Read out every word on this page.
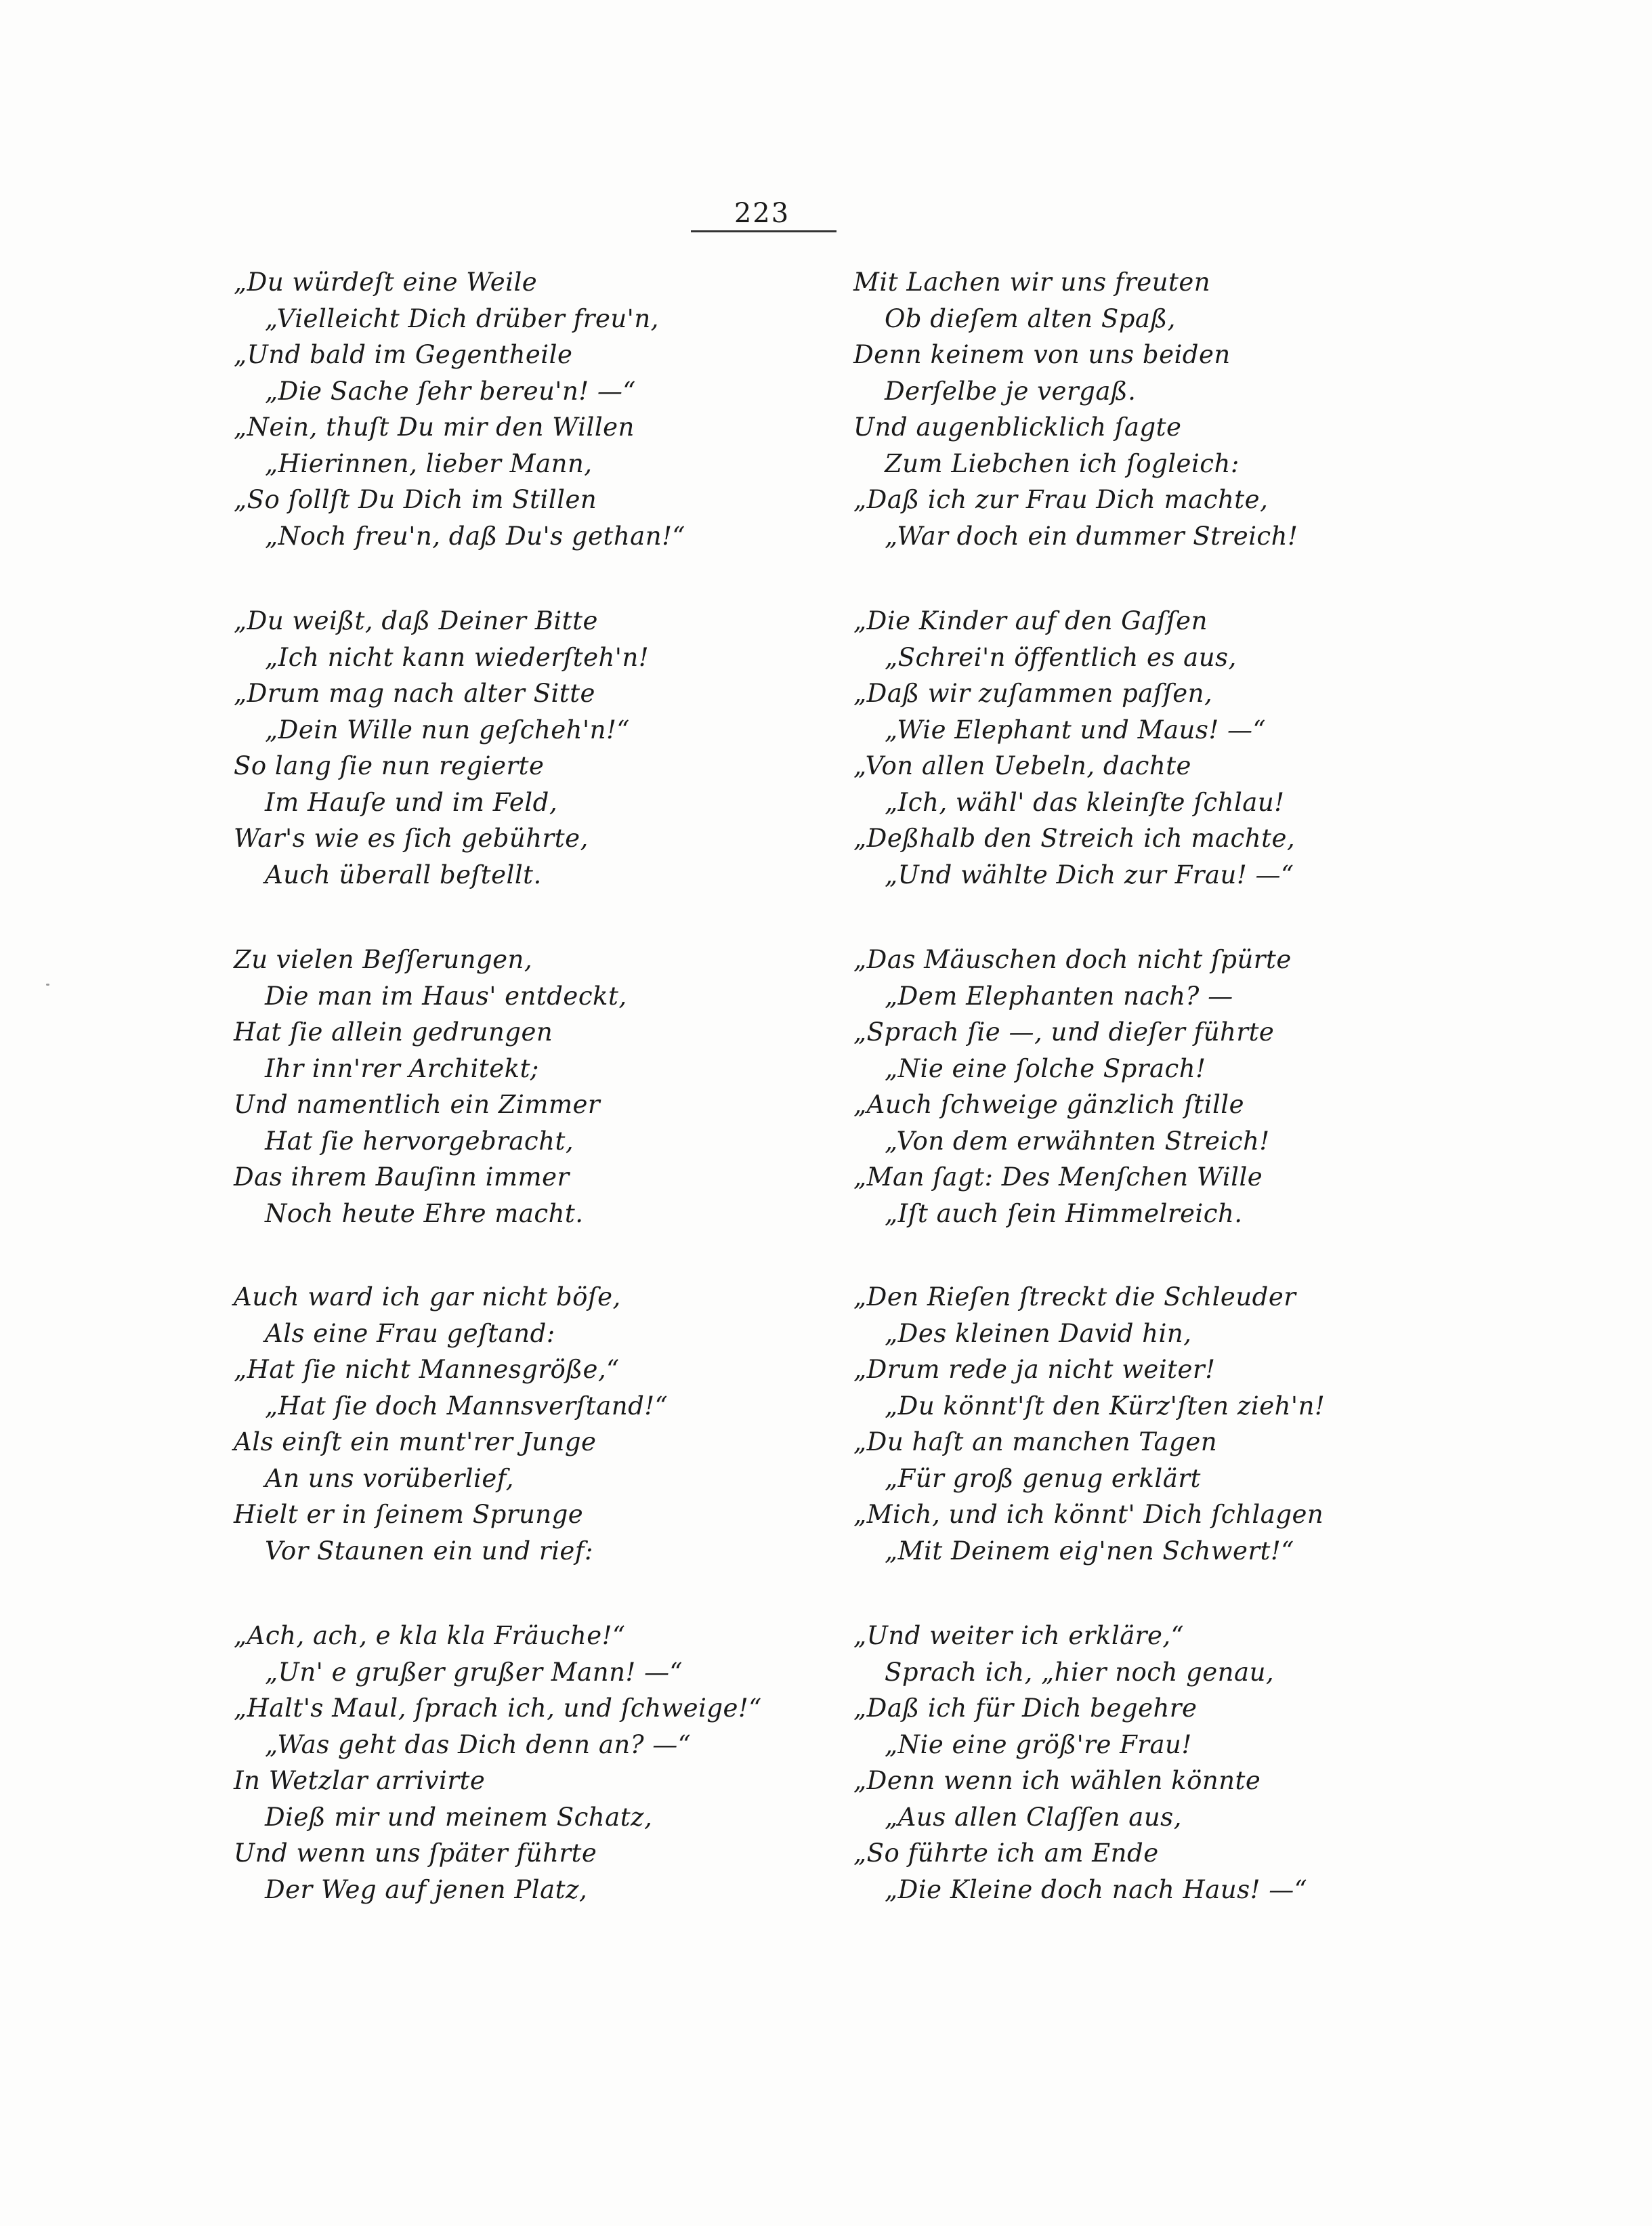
223
„Du würdeſt eine Weile
„Vielleicht Dich drüber freu'n,
„Und bald im Gegentheile
„Die Sache ſehr bereu'n! —“
„Nein, thuſt Du mir den Willen
„Hierinnen, lieber Mann,
„So ſollſt Du Dich im Stillen
„Noch freu'n, daß Du's gethan!“
„Du weißt, daß Deiner Bitte
„Ich nicht kann wiederſteh'n!
„Drum mag nach alter Sitte
„Dein Wille nun geſcheh'n!“
So lang ſie nun regierte
Im Hauſe und im Feld,
War's wie es ſich gebührte,
Auch überall beſtellt.
Zu vielen Beſſerungen,
Die man im Haus' entdeckt,
Hat ſie allein gedrungen
Ihr inn'rer Architekt;
Und namentlich ein Zimmer
Hat ſie hervorgebracht,
Das ihrem Bauſinn immer
Noch heute Ehre macht.
Auch ward ich gar nicht böſe,
Als eine Frau geſtand:
„Hat ſie nicht Mannesgröße,“
„Hat ſie doch Mannsverſtand!“
Als einſt ein munt'rer Junge
An uns vorüberlief,
Hielt er in ſeinem Sprunge
Vor Staunen ein und rief:
„Ach, ach, e kla kla Fräuche!“
„Un' e grußer grußer Mann! —“
„Halt's Maul, ſprach ich, und ſchweige!“
„Was geht das Dich denn an? —“
In Wetzlar arrivirte
Dieß mir und meinem Schatz,
Und wenn uns ſpäter führte
Der Weg auf jenen Platz,
Mit Lachen wir uns freuten
Ob dieſem alten Spaß,
Denn keinem von uns beiden
Derſelbe je vergaß.
Und augenblicklich ſagte
Zum Liebchen ich ſogleich:
„Daß ich zur Frau Dich machte,
„War doch ein dummer Streich!
„Die Kinder auf den Gaſſen
„Schrei'n öffentlich es aus,
„Daß wir zuſammen paſſen,
„Wie Elephant und Maus! —“
„Von allen Uebeln, dachte
„Ich, wähl' das kleinſte ſchlau!
„Deßhalb den Streich ich machte,
„Und wählte Dich zur Frau! —“
„Das Mäuschen doch nicht ſpürte
„Dem Elephanten nach? —
„Sprach ſie —, und dieſer führte
„Nie eine ſolche Sprach!
„Auch ſchweige gänzlich ſtille
„Von dem erwähnten Streich!
„Man ſagt: Des Menſchen Wille
„Iſt auch ſein Himmelreich.
„Den Rieſen ſtreckt die Schleuder
„Des kleinen David hin,
„Drum rede ja nicht weiter!
„Du könnt'ſt den Kürz'ſten zieh'n!
„Du haſt an manchen Tagen
„Für groß genug erklärt
„Mich, und ich könnt' Dich ſchlagen
„Mit Deinem eig'nen Schwert!“
„Und weiter ich erkläre,“
Sprach ich, „hier noch genau,
„Daß ich für Dich begehre
„Nie eine größ're Frau!
„Denn wenn ich wählen könnte
„Aus allen Claſſen aus,
„So führte ich am Ende
„Die Kleine doch nach Haus! —“
